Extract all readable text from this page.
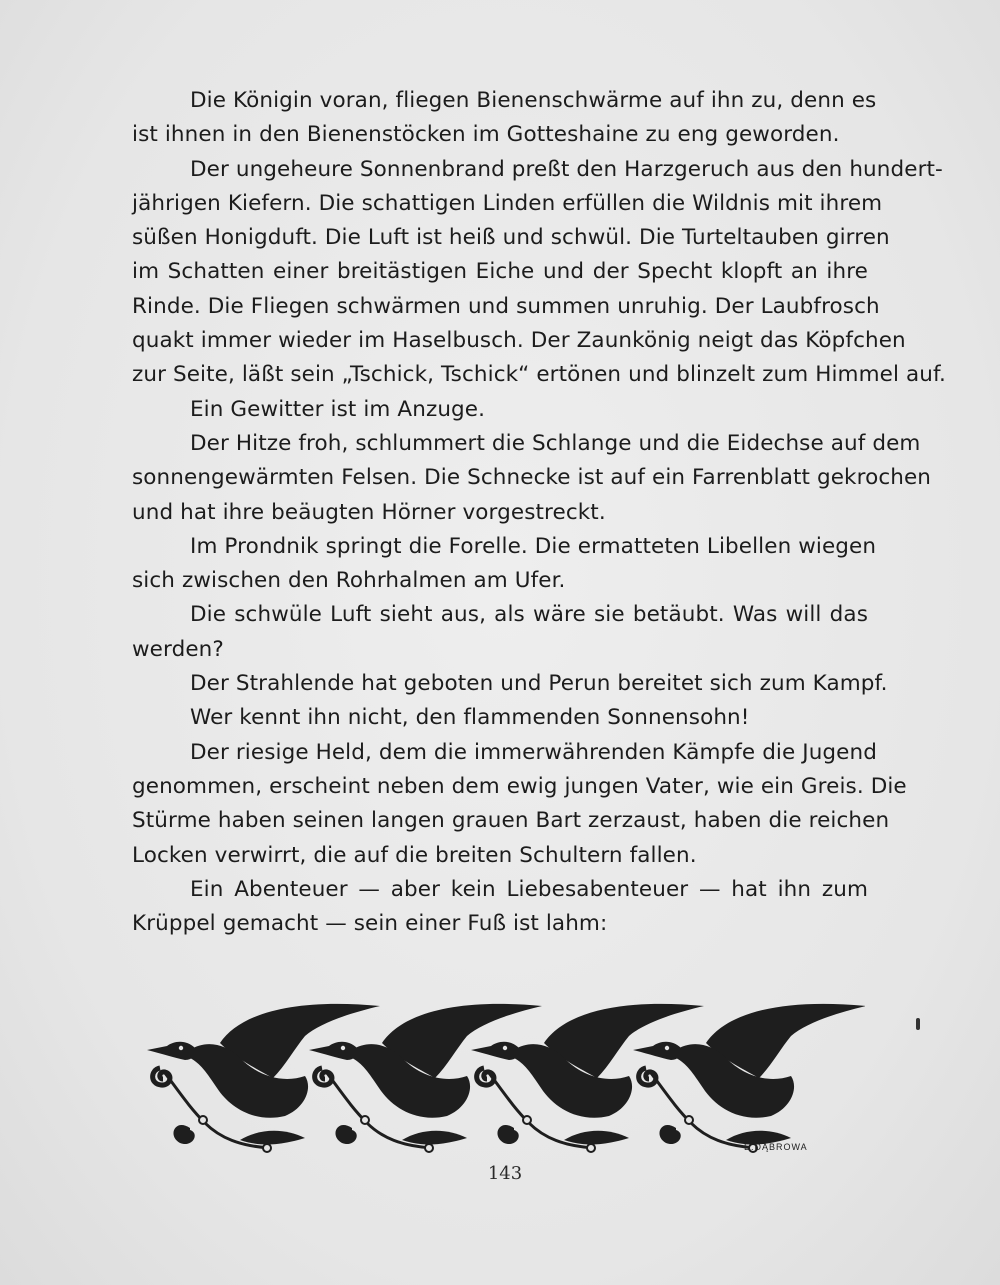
Die Königin voran, fliegen Bienenschwärme auf ihn zu, denn es
ist ihnen in den Bienenstöcken im Gotteshaine zu eng geworden.
Der ungeheure Sonnenbrand preßt den Harzgeruch aus den hundert-
jährigen Kiefern. Die schattigen Linden erfüllen die Wildnis mit ihrem
süßen Honigduft. Die Luft ist heiß und schwül. Die Turteltauben girren
im Schatten einer breitästigen Eiche und der Specht klopft an ihre
Rinde. Die Fliegen schwärmen und summen unruhig. Der Laubfrosch
quakt immer wieder im Haselbusch. Der Zaunkönig neigt das Köpfchen
zur Seite, läßt sein „Tschick, Tschick“ ertönen und blinzelt zum Himmel auf.
Ein Gewitter ist im Anzuge.
Der Hitze froh, schlummert die Schlange und die Eidechse auf dem
sonnengewärmten Felsen. Die Schnecke ist auf ein Farrenblatt gekrochen
und hat ihre beäugten Hörner vorgestreckt.
Im Prondnik springt die Forelle. Die ermatteten Libellen wiegen
sich zwischen den Rohrhalmen am Ufer.
Die schwüle Luft sieht aus, als wäre sie betäubt. Was will das
werden?
Der Strahlende hat geboten und Perun bereitet sich zum Kampf.
Wer kennt ihn nicht, den flammenden Sonnensohn!
Der riesige Held, dem die immerwährenden Kämpfe die Jugend
genommen, erscheint neben dem ewig jungen Vater, wie ein Greis. Die
Stürme haben seinen langen grauen Bart zerzaust, haben die reichen
Locken verwirrt, die auf die breiten Schultern fallen.
Ein Abenteuer — aber kein Liebesabenteuer — hat ihn zum
Krüppel gemacht — sein einer Fuß ist lahm:
E.DĄBROWA
143
